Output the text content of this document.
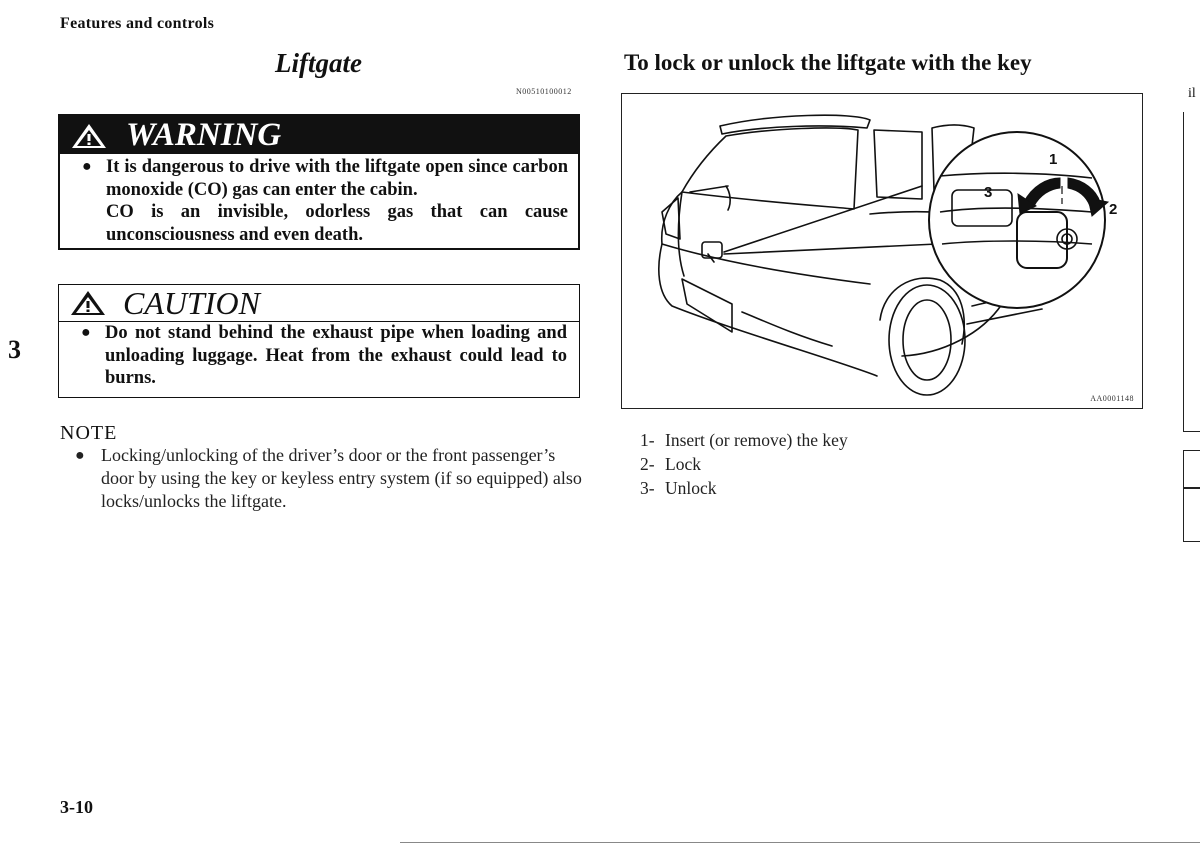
Features and controls
Liftgate
N00510100012
WARNING
● It is dangerous to drive with the liftgate open since carbon monoxide (CO) gas can enter the cabin.
CO is an invisible, odorless gas that can cause unconsciousness and even death.
CAUTION
● Do not stand behind the exhaust pipe when loading and unloading luggage. Heat from the exhaust could lead to burns.
3
NOTE
● Locking/unlocking of the driver’s door or the front passenger’s door by using the key or keyless entry system (if so equipped) also locks/unlocks the liftgate.
To lock or unlock the liftgate with the key
1
2
3
AA0001148
1- Insert (or remove) the key
2- Lock
3- Unlock
il
3-10
